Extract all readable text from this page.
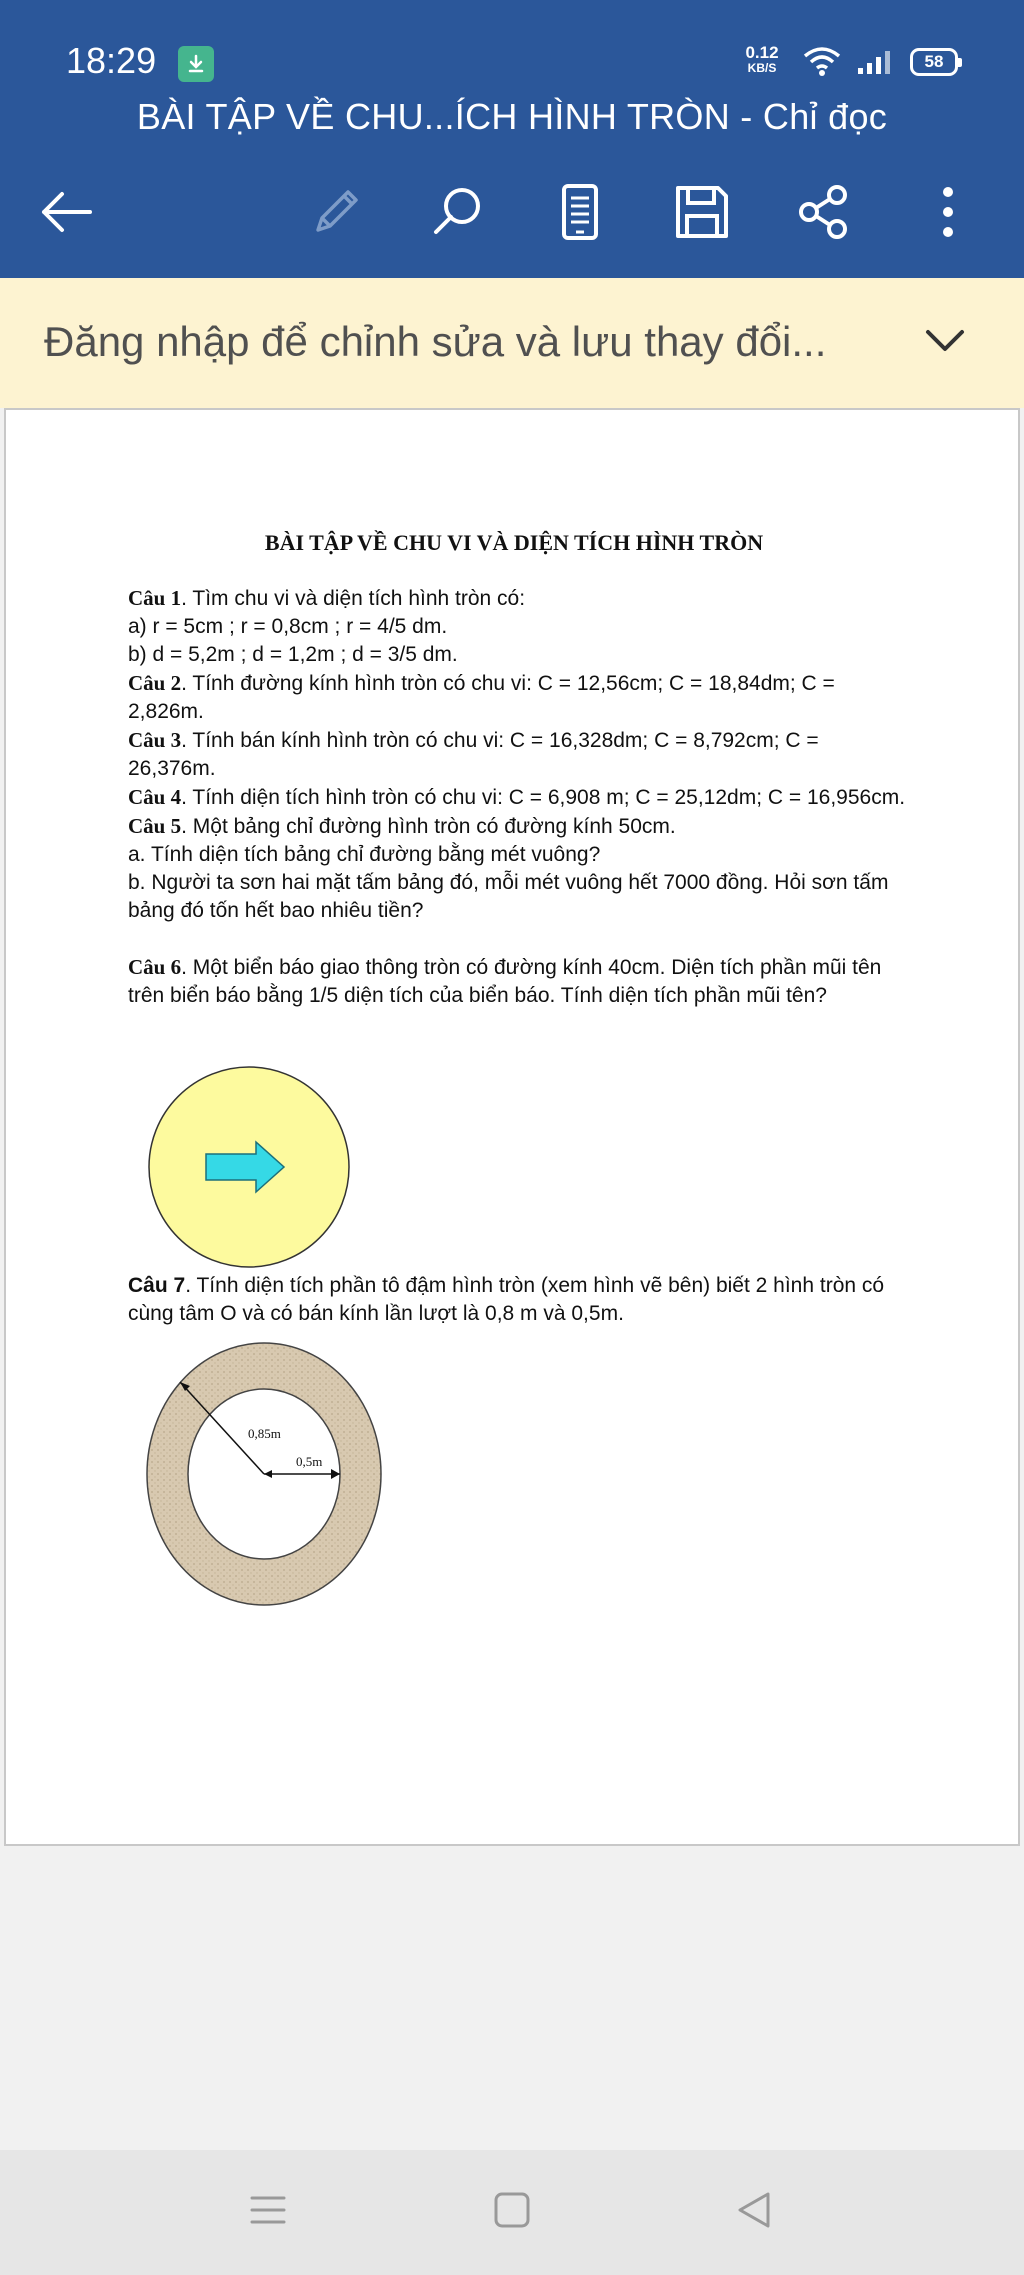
18:29	0.12
KB/S	58
BÀI TẬP VỀ CHU...ÍCH HÌNH TRÒN - Chỉ đọc
Đăng nhập để chỉnh sửa và lưu thay đổi...
BÀI TẬP VỀ CHU VI VÀ DIỆN TÍCH HÌNH TRÒN

Câu 1. Tìm chu vi và diện tích hình tròn có:

a) r = 5cm ; r = 0,8cm ; r = 4/5 dm.

b) d = 5,2m ; d = 1,2m ; d = 3/5 dm.

Câu 2. Tính đường kính hình tròn có chu vi: C = 12,56cm; C = 18,84dm; C = 2,826m.

Câu 3. Tính bán kính hình tròn có chu vi: C = 16,328dm; C = 8,792cm; C = 26,376m.

Câu 4. Tính diện tích hình tròn có chu vi: C = 6,908 m; C = 25,12dm; C = 16,956cm.

Câu 5. Một bảng chỉ đường hình tròn có đường kính 50cm.

a. Tính diện tích bảng chỉ đường bằng mét vuông?

b. Người ta sơn hai mặt tấm bảng đó, mỗi mét vuông hết 7000 đồng. Hỏi sơn tấm bảng đó tốn hết bao nhiêu tiền?

Câu 6. Một biển báo giao thông tròn có đường kính 40cm. Diện tích phần mũi tên trên biển báo bằng 1/5 diện tích của biển báo. Tính diện tích phần mũi tên?

Câu 7. Tính diện tích phần tô đậm hình tròn (xem hình vẽ bên) biết 2 hình tròn có cùng tâm O và có bán kính lần lượt là 0,8 m và 0,5m.
0,85m
0,5m
